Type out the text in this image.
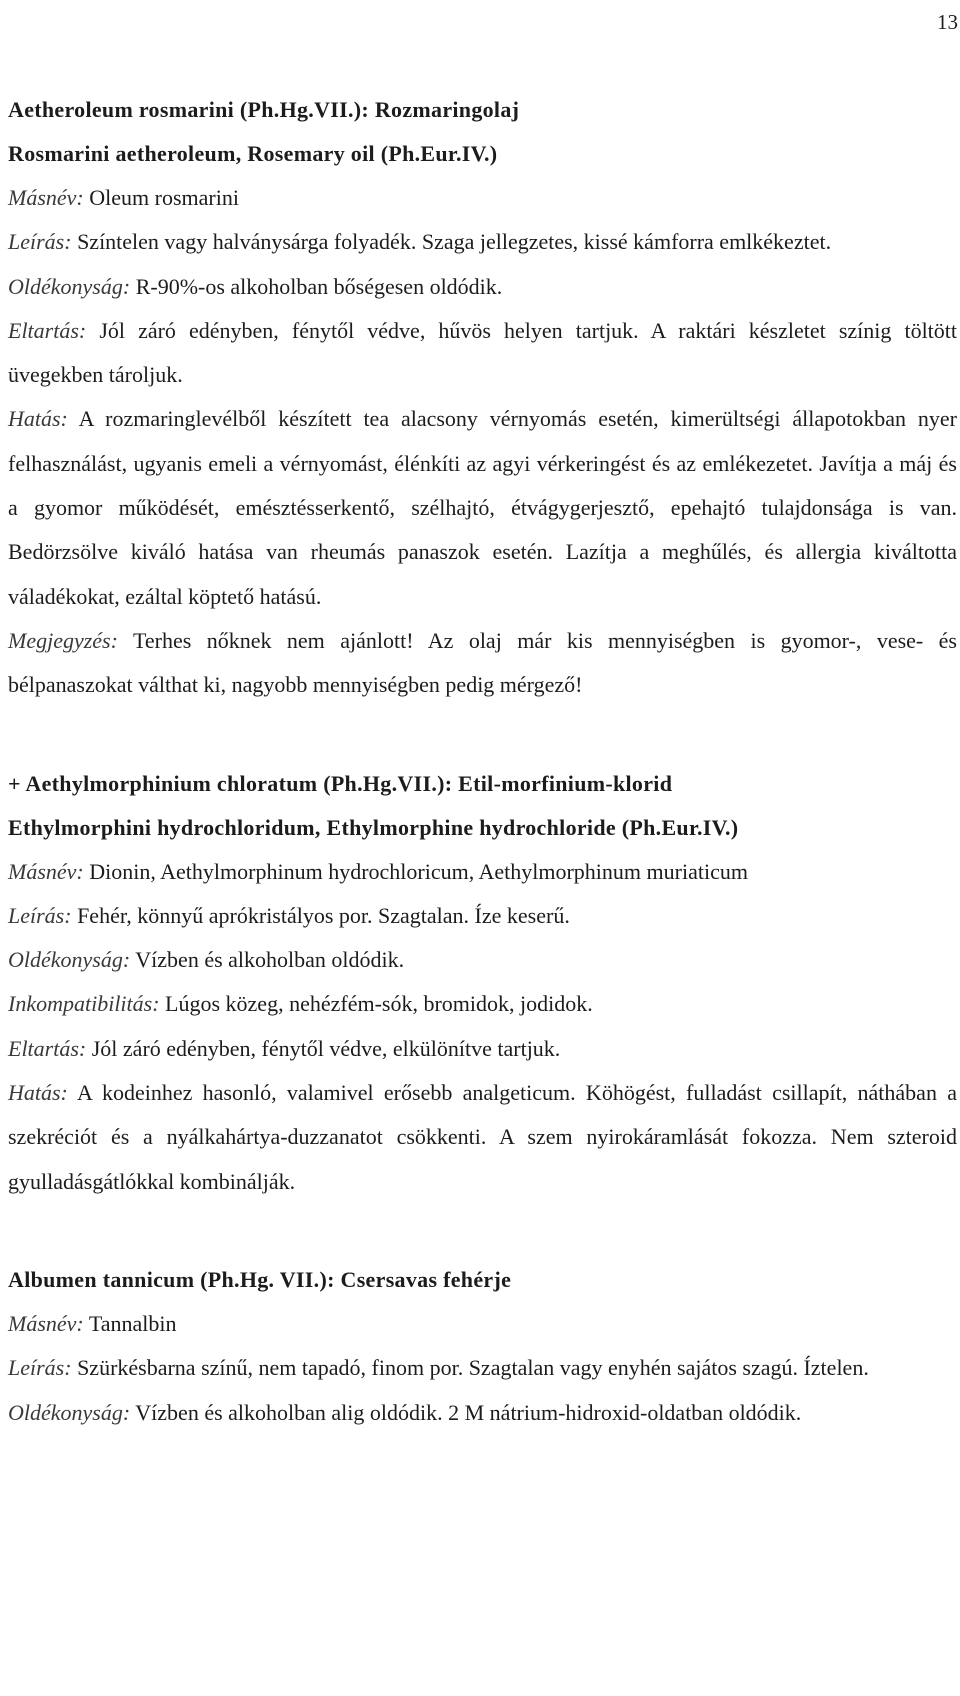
13

Aetheroleum rosmarini (Ph.Hg.VII.): Rozmaringolaj

Rosmarini aetheroleum, Rosemary oil (Ph.Eur.IV.)

Másnév: Oleum rosmarini

Leírás: Színtelen vagy halványsárga folyadék. Szaga jellegzetes, kissé kámforra emlkékeztet.

Oldékonyság: R-90%-os alkoholban bőségesen oldódik.

Eltartás: Jól záró edényben, fénytől védve, hűvös helyen tartjuk. A raktári készletet színig töltött üvegekben tároljuk.

Hatás: A rozmaringlevélből készített tea alacsony vérnyomás esetén, kimerültségi állapotokban nyer felhasználást, ugyanis emeli a vérnyomást, élénkíti az agyi vérkeringést és az emlékezetet. Javítja a máj és a gyomor működését, emésztésserkentő, szélhajtó, étvágygerjesztő, epehajtó tulajdonsága is van. Bedörzsölve kiváló hatása van rheumás panaszok esetén. Lazítja a meghűlés, és allergia kiváltotta váladékokat, ezáltal köptető hatású.

Megjegyzés: Terhes nőknek nem ajánlott! Az olaj már kis mennyiségben is gyomor-, vese- és bélpanaszokat válthat ki, nagyobb mennyiségben pedig mérgező!

+ Aethylmorphinium chloratum (Ph.Hg.VII.): Etil-morfinium-klorid

Ethylmorphini hydrochloridum, Ethylmorphine hydrochloride (Ph.Eur.IV.)

Másnév: Dionin, Aethylmorphinum hydrochloricum, Aethylmorphinum muriaticum

Leírás: Fehér, könnyű aprókristályos por. Szagtalan. Íze keserű.

Oldékonyság: Vízben és alkoholban oldódik.

Inkompatibilitás: Lúgos közeg, nehézfém-sók, bromidok, jodidok.

Eltartás: Jól záró edényben, fénytől védve, elkülönítve tartjuk.

Hatás: A kodeinhez hasonló, valamivel erősebb analgeticum. Köhögést, fulladást csillapít, náthában a szekréciót és a nyálkahártya-duzzanatot csökkenti. A szem nyirokáramlását fokozza. Nem szteroid gyulladásgátlókkal kombinálják.

Albumen tannicum (Ph.Hg. VII.): Csersavas fehérje

Másnév: Tannalbin

Leírás: Szürkésbarna színű, nem tapadó, finom por. Szagtalan vagy enyhén sajátos szagú. Íztelen.

Oldékonyság: Vízben és alkoholban alig oldódik. 2 M nátrium-hidroxid-oldatban oldódik.
